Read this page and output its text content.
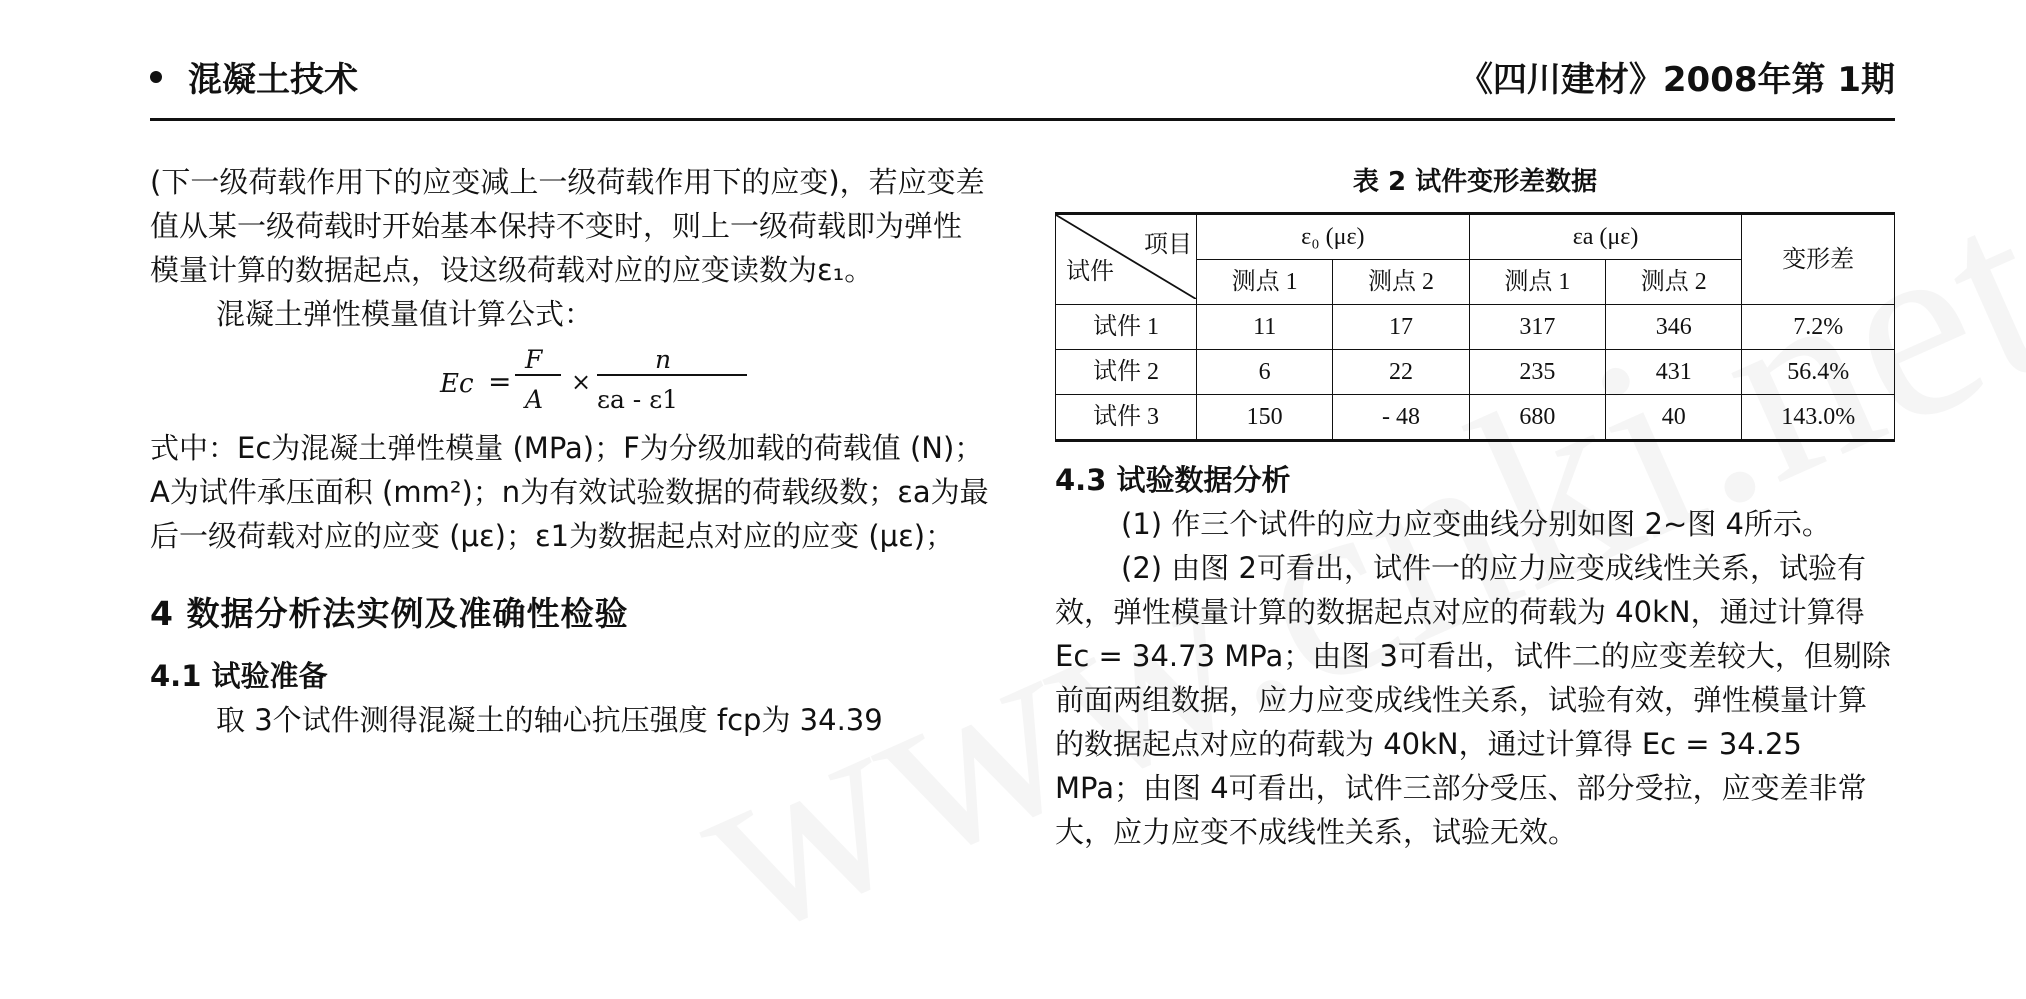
混凝土技术	《四川建材》2008年第 1期

(下一级荷载作用下的应变减上一级荷载作用下的应变)，若应变差值从某一级荷载时开始基本保持不变时，则上一级荷载即为弹性模量计算的数据起点，设这级荷载对应的应变读数为ε₁。

混凝土弹性模量值计算公式：

Ec =
F
A
×
n
εa - ε1

式中：Ec为混凝土弹性模量 (MPa)；F为分级加载的荷载值 (N)；A为试件承压面积 (mm²)；n为有效试验数据的荷载级数；εa为最后一级荷载对应的应变 (με)；ε1为数据起点对应的应变 (με)；

4 数据分析法实例及准确性检验
4.1 试验准备

取 3个试件测得混凝土的轴心抗压强度 fcp为 34.39

表 2 试件变形差数据

项目
试件	ε₀ (με)		εa (με)		变形差
	测点 1	测点 2	测点 1	测点 2	
试件 1	11	17	317	346	7.2%
试件 2	6	22	235	431	56.4%
试件 3	150	- 48	680	40	143.0%
4.3 试验数据分析

(1) 作三个试件的应力应变曲线分别如图 2~图 4所示。

(2) 由图 2可看出，试件一的应力应变成线性关系，试验有效，弹性模量计算的数据起点对应的荷载为 40kN，通过计算得 Ec = 34.73 MPa；由图 3可看出，试件二的应变差较大，但剔除前面两组数据，应力应变成线性关系，试验有效，弹性模量计算的数据起点对应的荷载为 40kN，通过计算得 Ec = 34.25 MPa；由图 4可看出，试件三部分受压、部分受拉，应变差非常大，应力应变不成线性关系，试验无效。
